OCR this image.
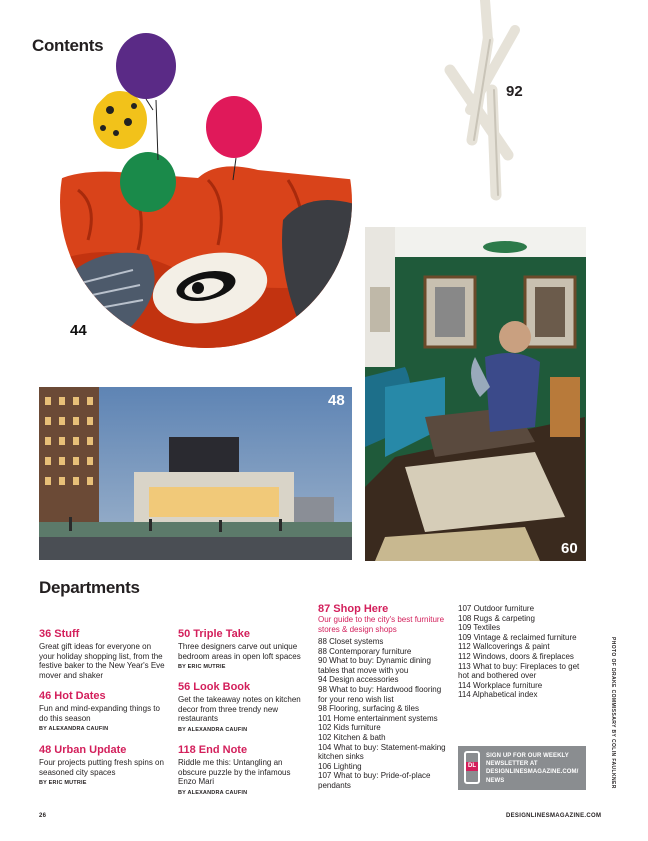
Contents
44
92
60
48
Departments
36 Stuff

Great gift ideas for everyone on your holiday shopping list, from the festive baker to the New Year's Eve mover and shaker

46 Hot Dates

Fun and mind-expanding things to do this season

BY ALEXANDRA CAUFIN

48 Urban Update

Four projects putting fresh spins on seasoned city spaces

BY ERIC MUTRIE

50 Triple Take

Three designers carve out unique bedroom areas in open loft spaces

BY ERIC MUTRIE

56 Look Book

Get the takeaway notes on kitchen decor from three trendy new restaurants

BY ALEXANDRA CAUFIN

118 End Note

Riddle me this: Untangling an obscure puzzle by the infamous Enzo Mari

BY ALEXANDRA CAUFIN

87 Shop Here
Our guide to the city's best furniture stores & design shops
88 Closet systems
88 Contemporary furniture
90 What to buy: Dynamic dining tables that move with you
94 Design accessories
98 What to buy: Hardwood flooring for your reno wish list
98 Flooring, surfacing & tiles
101 Home entertainment systems
102 Kids furniture
102 Kitchen & bath
104 What to buy: Statement-making kitchen sinks
106 Lighting
107 What to buy: Pride-of-place pendants
107 Outdoor furniture
108 Rugs & carpeting
109 Textiles
109 Vintage & reclaimed furniture
112 Wallcoverings & paint
112 Windows, doors & fireplaces
113 What to buy: Fireplaces to get hot and bothered over
114 Workplace furniture
114 Alphabetical index
DL
SIGN UP FOR OUR WEEKLY NEWSLETTER AT DESIGNLINESMAGAZINE.COM/ NEWS	PHOTO OF DRAKE COMMISSARY BY COLIN FAULKNER
26	DESIGNLINESMAGAZINE.COM
